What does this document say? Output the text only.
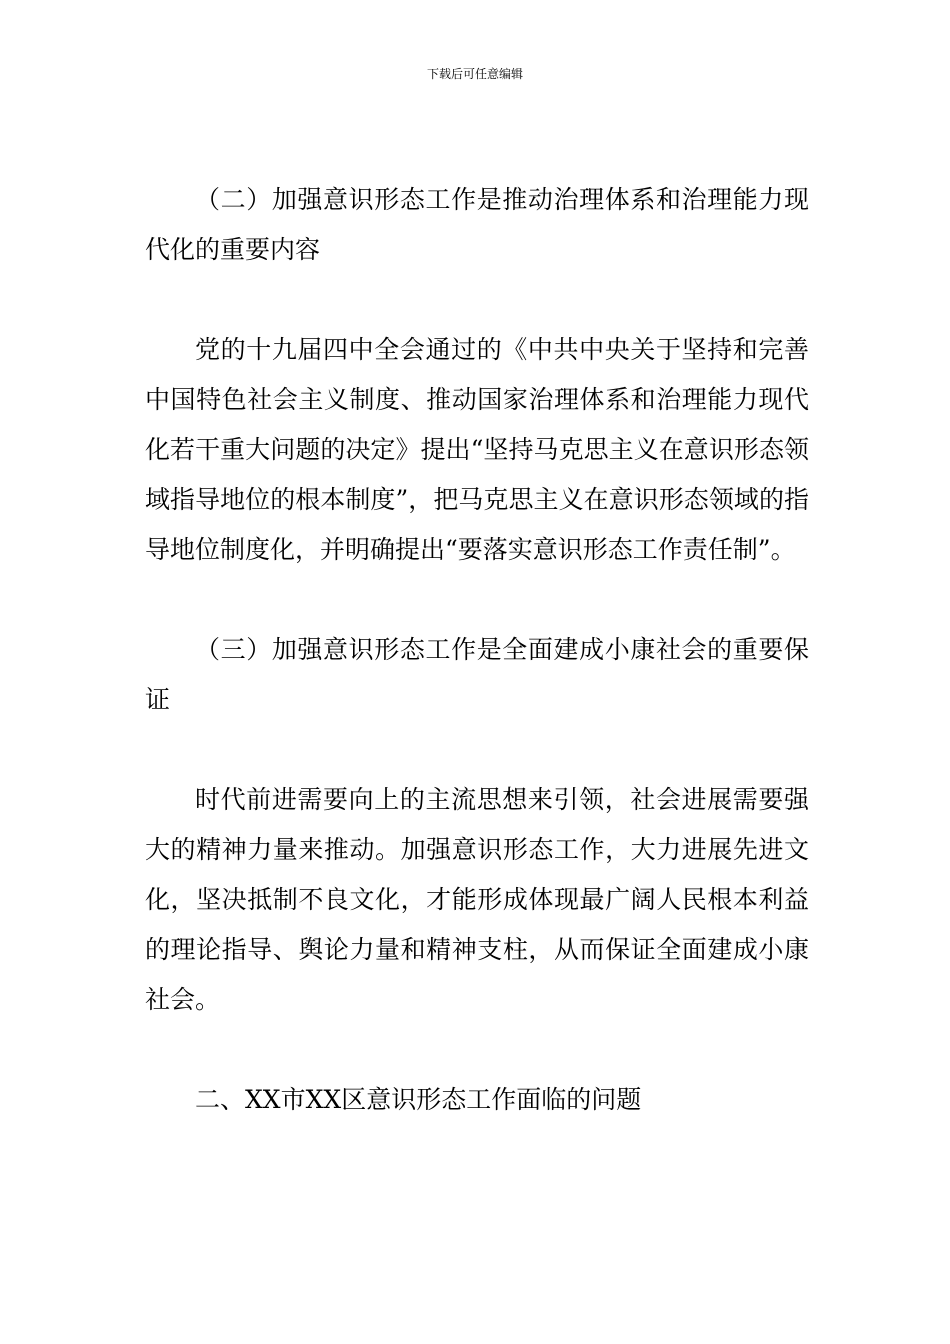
下载后可任意编辑

（二）加强意识形态工作是推动治理体系和治理能力现代化的重要内容

党的十九届四中全会通过的《中共中央关于坚持和完善中国特色社会主义制度、推动国家治理体系和治理能力现代化若干重大问题的决定》提出“坚持马克思主义在意识形态领域指导地位的根本制度”，把马克思主义在意识形态领域的指导地位制度化，并明确提出“要落实意识形态工作责任制”。

（三）加强意识形态工作是全面建成小康社会的重要保证

时代前进需要向上的主流思想来引领，社会进展需要强大的精神力量来推动。加强意识形态工作，大力进展先进文化，坚决抵制不良文化，才能形成体现最广阔人民根本利益的理论指导、舆论力量和精神支柱，从而保证全面建成小康社会。

二、XX市XX区意识形态工作面临的问题
